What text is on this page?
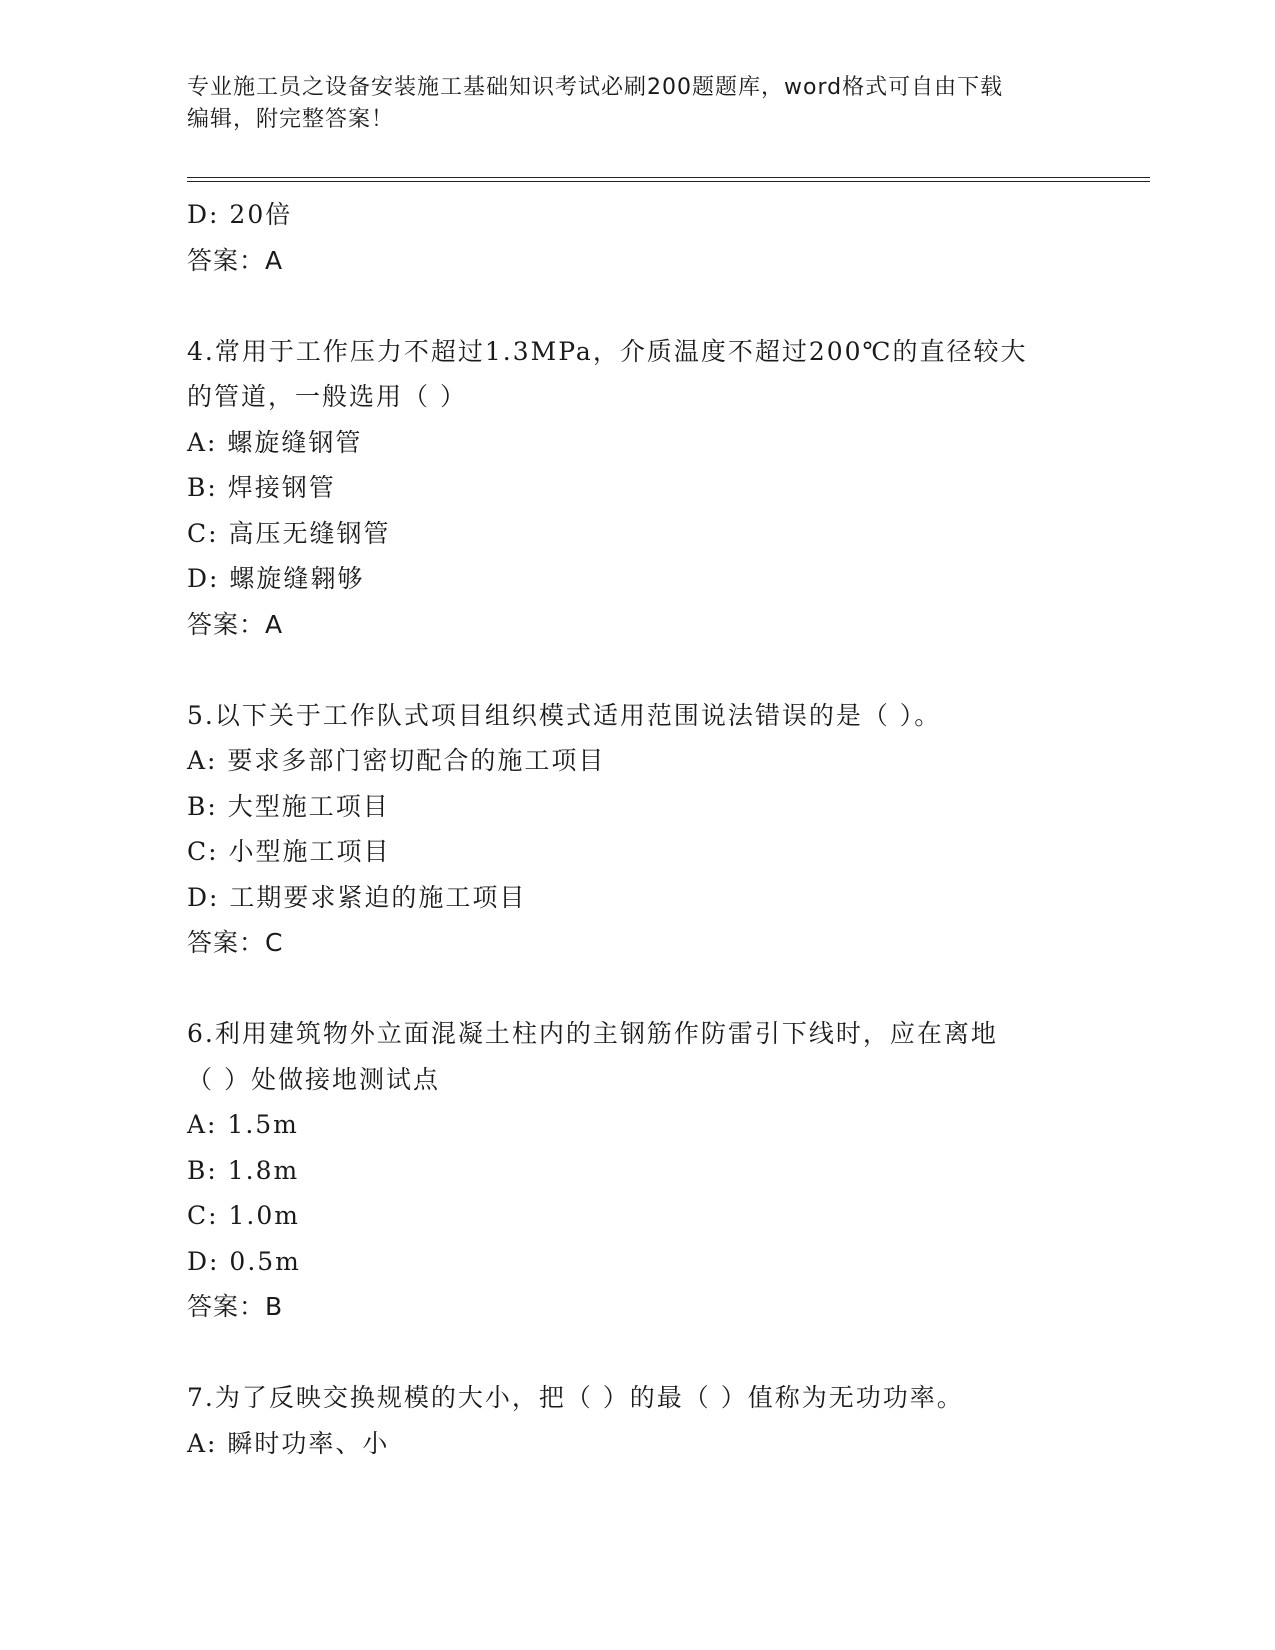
专业施工员之设备安装施工基础知识考试必刷200题题库，word格式可自由下载
编辑，附完整答案！
D: 20倍
答案：A
4.常用于工作压力不超过1.3MPa，介质温度不超过200℃的直径较大
的管道，一般选用（ ）
A: 螺旋缝钢管
B: 焊接钢管
C: 高压无缝钢管
D: 螺旋缝翱够
答案：A
5.以下关于工作队式项目组织模式适用范围说法错误的是（ ）。
A: 要求多部门密切配合的施工项目
B: 大型施工项目
C: 小型施工项目
D: 工期要求紧迫的施工项目
答案：C
6.利用建筑物外立面混凝土柱内的主钢筋作防雷引下线时，应在离地
（ ）处做接地测试点
A: 1.5m
B: 1.8m
C: 1.0m
D: 0.5m
答案：B
7.为了反映交换规模的大小，把（ ）的最（ ）值称为无功功率。
A: 瞬时功率、小
